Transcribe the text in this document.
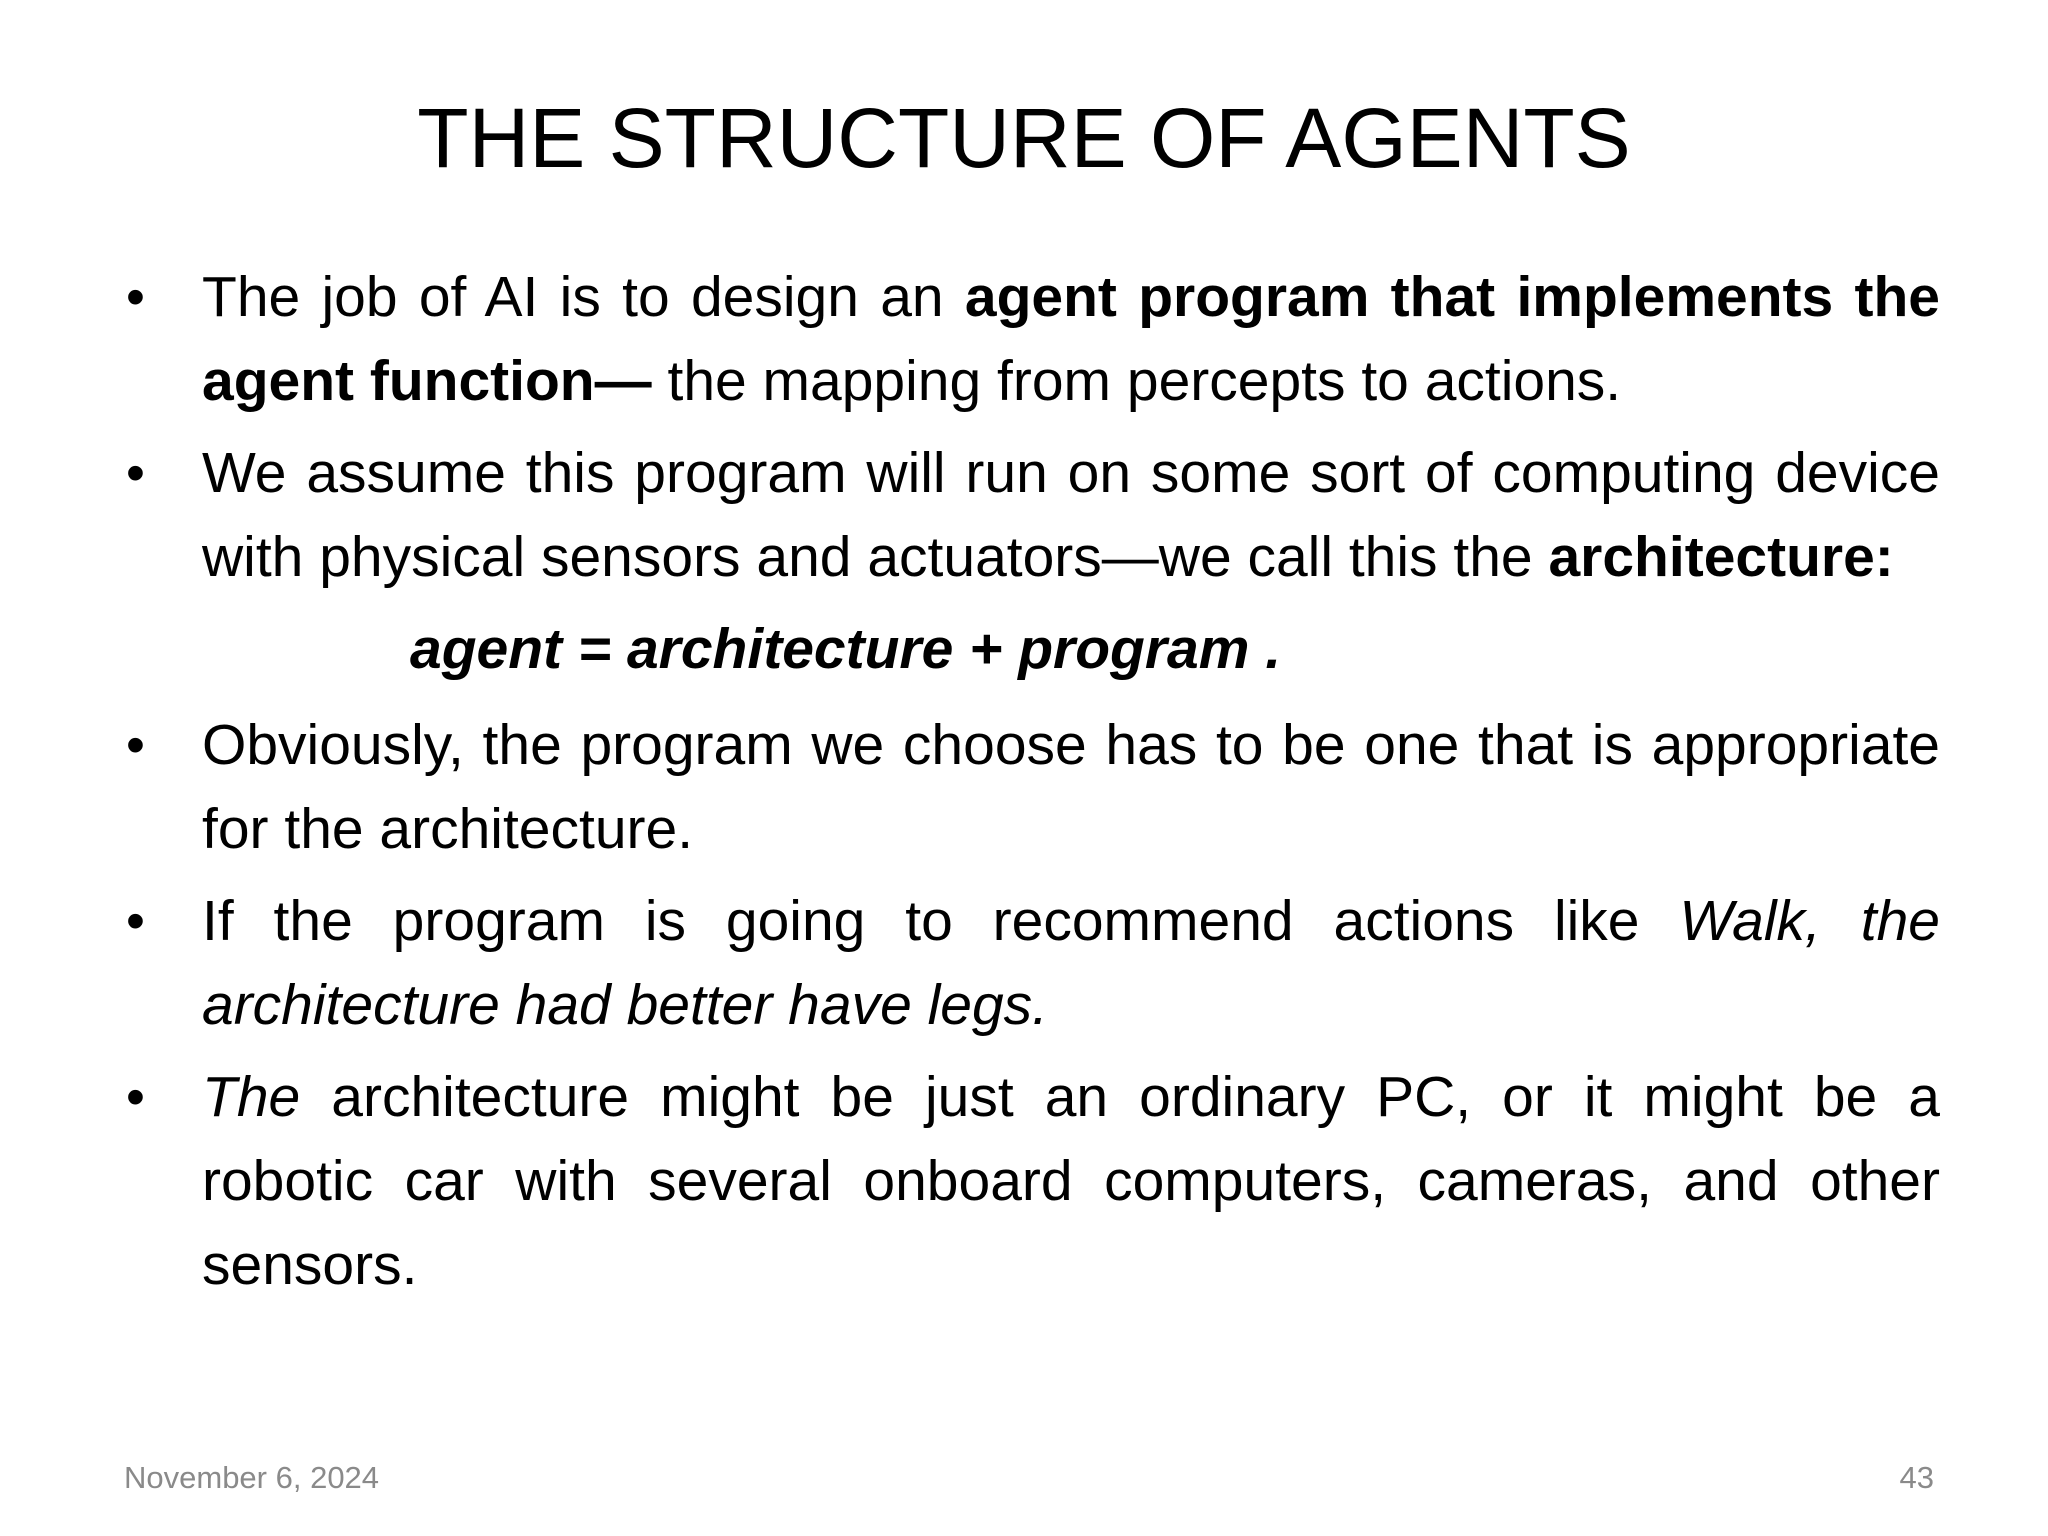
THE STRUCTURE OF AGENTS

• The job of AI is to design an agent program that implements the agent function— the mapping from percepts to actions.

• We assume this program will run on some sort of computing device with physical sensors and actuators—we call this the architecture:

agent = architecture + program .

• Obviously, the program we choose has to be one that is appropriate for the architecture.

• If the program is going to recommend actions like Walk, the architecture had better have legs.

• The architecture might be just an ordinary PC, or it might be a robotic car with several onboard computers, cameras, and other sensors.

November 6, 2024	43
